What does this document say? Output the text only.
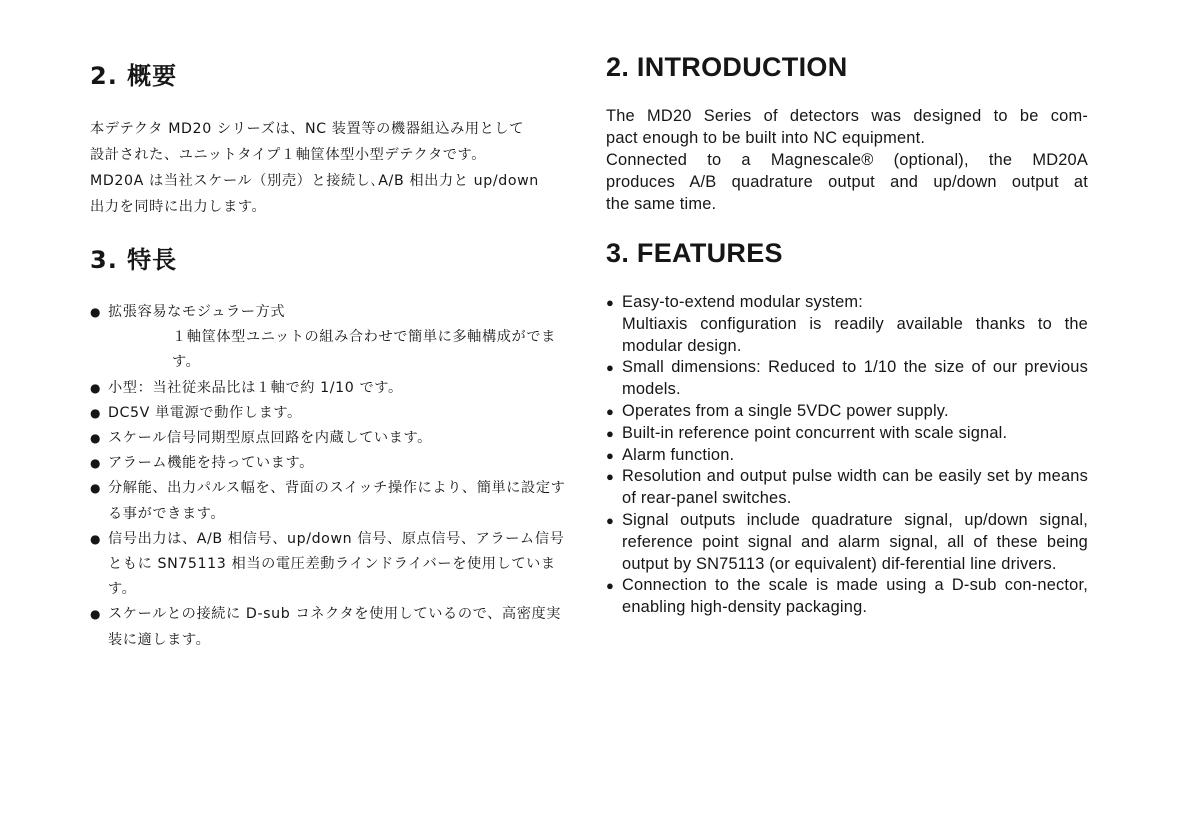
2. 概要
本デテクタ MD20 シリーズは、NC 装置等の機器組込み用として
設計された、ユニットタイプ１軸筐体型小型デテクタです。
MD20A は当社スケール（別売）と接続し､A/B 相出力と up/down
出力を同時に出力します。
3. 特長
● 拡張容易なモジュラー方式
１軸筐体型ユニットの組み合わせで簡単に多軸構成がでます。
● 小型：当社従来品比は１軸で約 1/10 です。
● DC5V 単電源で動作します。
● スケール信号同期型原点回路を内蔵しています。
● アラーム機能を持っています。
● 分解能、出力パルス幅を、背面のスイッチ操作により、簡単に設定する事ができます。
● 信号出力は、A/B 相信号、up/down 信号、原点信号、アラーム信号ともに SN75113 相当の電圧差動ラインドライバーを使用しています。
● スケールとの接続に D-sub コネクタを使用しているので、高密度実装に適します。
2. INTRODUCTION
The MD20 Series of detectors was designed to be com-
pact enough to be built into NC equipment.
Connected to a Magnescale® (optional), the MD20A
produces A/B quadrature output and up/down output at
the same time.
3. FEATURES
● Easy-to-extend modular system:
Multiaxis configuration is readily available thanks to the modular design.
● Small dimensions: Reduced to 1/10 the size of our previous models.
● Operates from a single 5VDC power supply.
● Built-in reference point concurrent with scale signal.
● Alarm function.
● Resolution and output pulse width can be easily set by means of rear-panel switches.
● Signal outputs include quadrature signal, up/down signal, reference point signal and alarm signal, all of these being output by SN75113 (or equivalent) dif-ferential line drivers.
● Connection to the scale is made using a D-sub con-nector, enabling high-density packaging.
